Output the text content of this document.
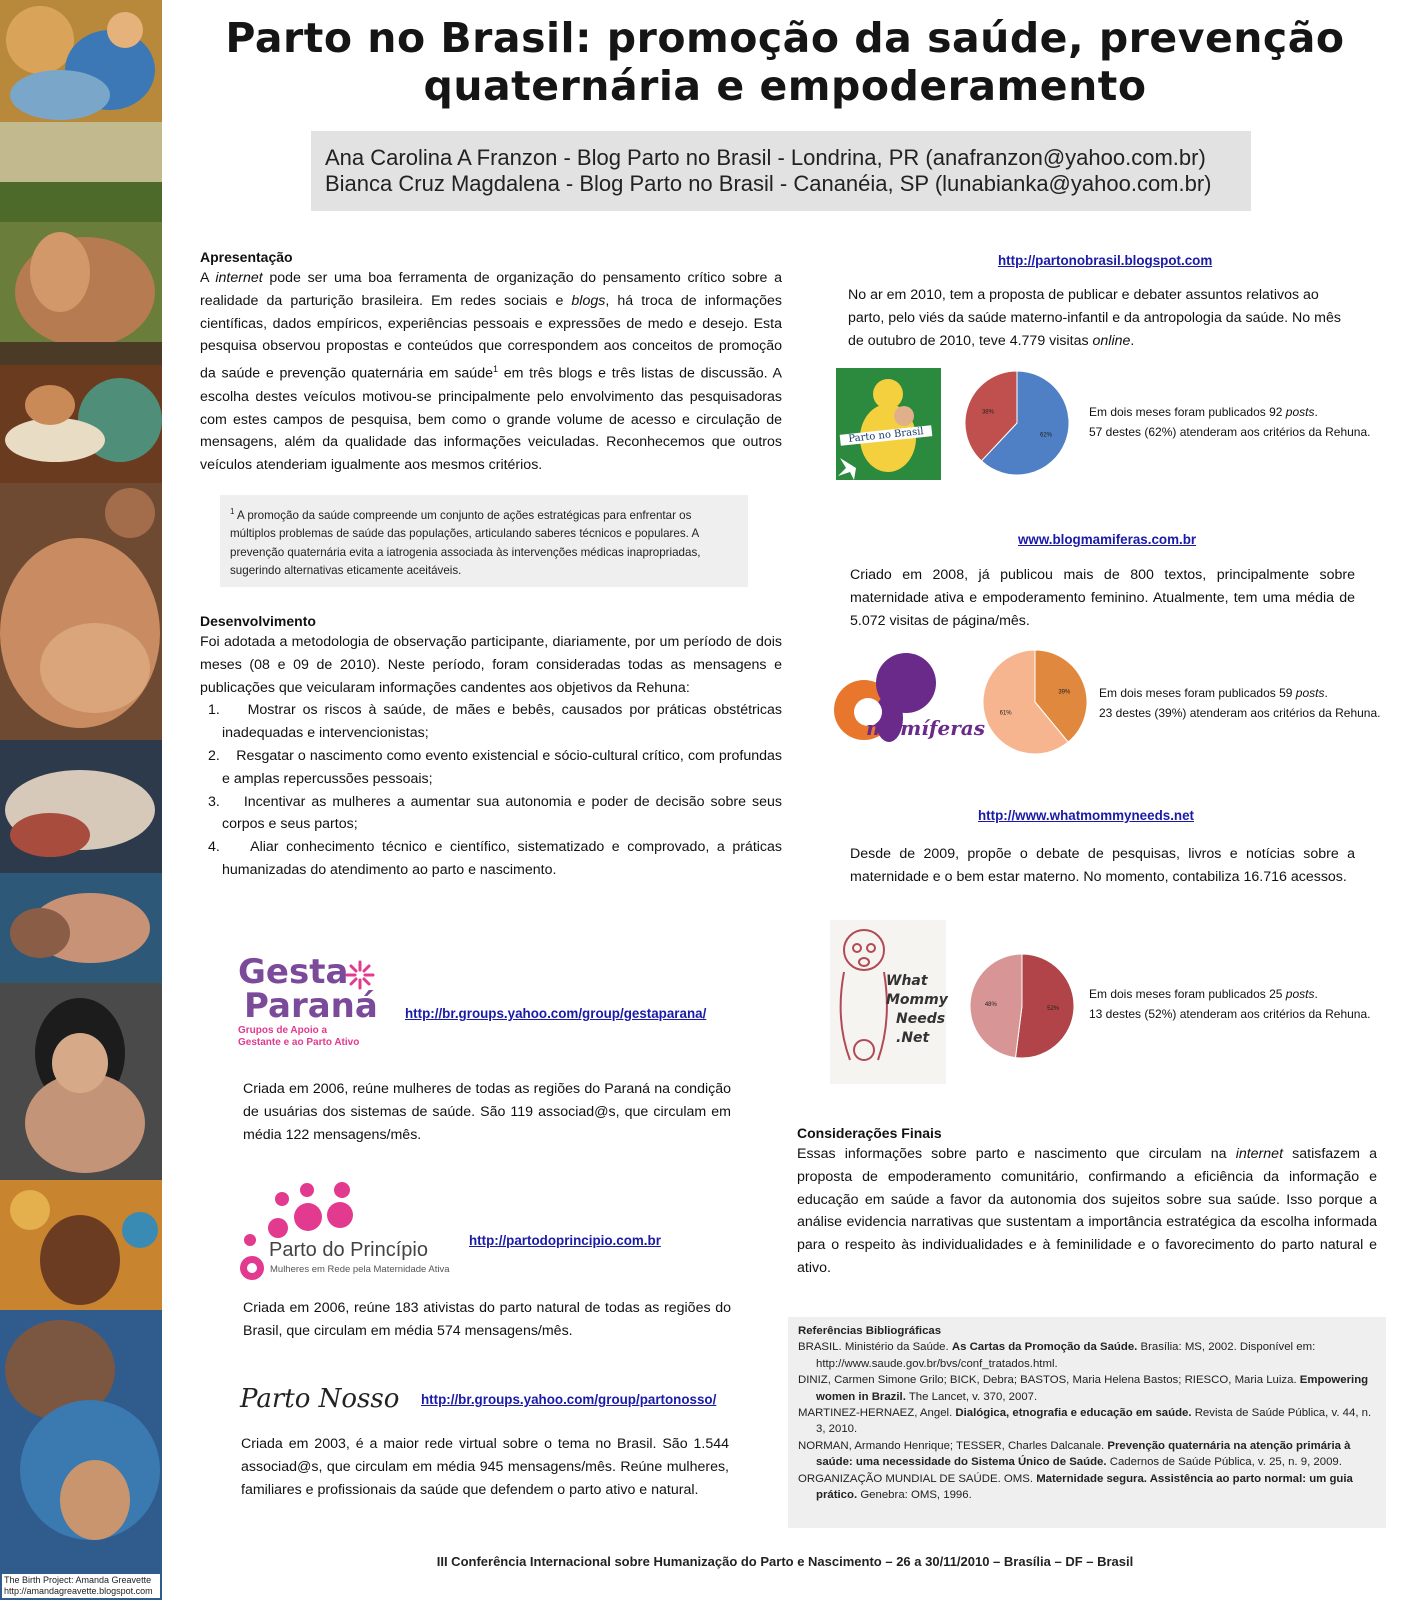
The Birth Project: Amanda Greavette
http://amandagreavette.blogspot.com
Parto no Brasil: promoção da saúde, prevenção
quaternária e empoderamento
Ana Carolina A Franzon - Blog Parto no Brasil - Londrina, PR (anafranzon@yahoo.com.br)
Bianca Cruz Magdalena - Blog Parto no Brasil - Cananéia, SP (lunabianka@yahoo.com.br)
Apresentação
A internet pode ser uma boa ferramenta de organização do pensamento crítico sobre a realidade da parturição brasileira. Em redes sociais e blogs, há troca de informações científicas, dados empíricos, experiências pessoais e expressões de medo e desejo. Esta pesquisa observou propostas e conteúdos que correspondem aos conceitos de promoção da saúde e prevenção quaternária em saúde$^1$ em três blogs e três listas de discussão. A escolha destes veículos motivou-se principalmente pelo envolvimento das pesquisadoras com estes campos de pesquisa, bem como o grande volume de acesso e circulação de mensagens, além da qualidade das informações veiculadas. Reconhecemos que outros veículos atenderiam igualmente aos mesmos critérios.
$^1$ A promoção da saúde compreende um conjunto de ações estratégicas para enfrentar os múltiplos problemas de saúde das populações, articulando saberes técnicos e populares. A prevenção quaternária evita a iatrogenia associada às intervenções médicas inapropriadas, sugerindo alternativas eticamente aceitáveis.
Desenvolvimento
Foi adotada a metodologia de observação participante, diariamente, por um período de dois meses (08 e 09 de 2010). Neste período, foram consideradas todas as mensagens e publicações que veicularam informações candentes aos objetivos da Rehuna:
1.    Mostrar os riscos à saúde, de mães e bebês, causados por práticas obstétricas inadequadas e intervencionistas;
2.    Resgatar o nascimento como evento existencial e sócio-cultural crítico, com profundas e amplas repercussões pessoais;
3.    Incentivar as mulheres a aumentar sua autonomia e poder de decisão sobre seus corpos e seus partos;
4.    Aliar conhecimento técnico e científico, sistematizado e comprovado, a práticas humanizadas do atendimento ao parto e nascimento.
Gesta
Paraná
Grupos de Apoio a
Gestante e ao Parto Ativo
http://br.groups.yahoo.com/group/gestaparana/
Criada em 2006, reúne mulheres de todas as regiões do Paraná na condição de usuárias dos sistemas de saúde. São 119 associad@s, que circulam em média 122 mensagens/mês.
Parto do Princípio
Mulheres em Rede pela Maternidade Ativa
http://partodoprincipio.com.br
Criada em 2006, reúne 183 ativistas do parto natural de todas as regiões do Brasil, que circulam em média 574 mensagens/mês.
Parto Nosso http://br.groups.yahoo.com/group/partonosso/
Criada em 2003, é a maior rede virtual sobre o tema no Brasil. São 1.544 associad@s, que circulam em média 945 mensagens/mês. Reúne mulheres, familiares e profissionais da saúde que defendem o parto ativo e natural.
http://partonobrasil.blogspot.com
No ar em 2010, tem a proposta de publicar e debater assuntos relativos ao parto, pelo viés da saúde materno-infantil e da antropologia da saúde. No mês de outubro de 2010, teve 4.779 visitas online.
Parto no Brasil	62%
38%	Em dois meses foram publicados 92 posts.
57 destes (62%) atenderam aos critérios da Rehuna.
www.blogmamiferas.com.br
Criado em 2008, já publicou mais de 800 textos, principalmente sobre maternidade ativa e empoderamento feminino. Atualmente, tem uma média de 5.072 visitas de página/mês.
mamíferas
39%
61%
Em dois meses foram publicados 59 posts.
23 destes (39%) atenderam aos critérios da Rehuna.
http://www.whatmommyneeds.net
Desde de 2009, propõe o debate de pesquisas, livros e notícias sobre a maternidade e o bem estar materno. No momento, contabiliza 16.716 acessos.
What
Mommy
Needs
.Net
52%
48%
Em dois meses foram publicados 25 posts.
13 destes (52%) atenderam aos critérios da Rehuna.
Considerações Finais
Essas informações sobre parto e nascimento que circulam na internet satisfazem a proposta de empoderamento comunitário, confirmando a eficiência da informação e educação em saúde a favor da autonomia dos sujeitos sobre sua saúde. Isso porque a análise evidencia narrativas que sustentam a importância estratégica da escolha informada para o respeito às individualidades e à feminilidade e o favorecimento do parto natural e ativo.
Referências Bibliográficas
BRASIL. Ministério da Saúde. As Cartas da Promoção da Saúde. Brasília: MS, 2002. Disponível em: http://www.saude.gov.br/bvs/conf_tratados.html.
DINIZ, Carmen Simone Grilo; BICK, Debra; BASTOS, Maria Helena Bastos; RIESCO, Maria Luiza. Empowering women in Brazil. The Lancet, v. 370, 2007.
MARTINEZ-HERNAEZ, Angel. Dialógica, etnografia e educação em saúde. Revista de Saúde Pública, v. 44, n. 3, 2010.
NORMAN, Armando Henrique; TESSER, Charles Dalcanale. Prevenção quaternária na atenção primária à saúde: uma necessidade do Sistema Único de Saúde. Cadernos de Saúde Pública, v. 25, n. 9, 2009.
ORGANIZAÇÃO MUNDIAL DE SAÚDE. OMS. Maternidade segura. Assistência ao parto normal: um guia prático. Genebra: OMS, 1996.
III Conferência Internacional sobre Humanização do Parto e Nascimento – 26 a 30/11/2010 – Brasília – DF – Brasil
